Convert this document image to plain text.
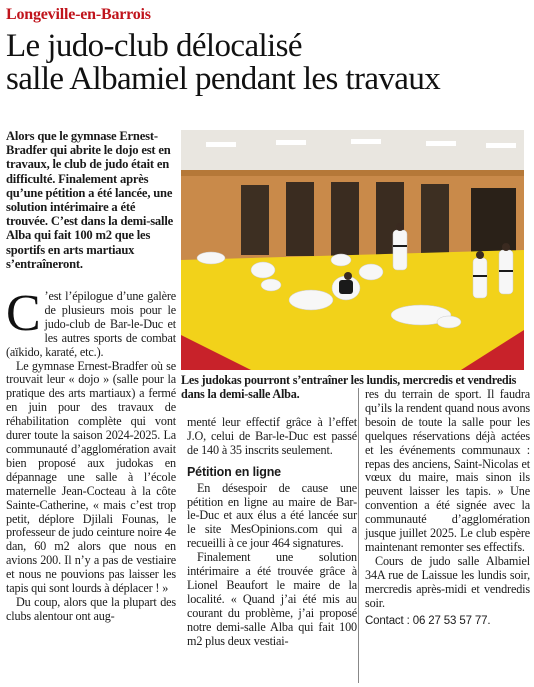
Longeville-en-Barrois
Le judo-club délocalisé
salle Albamiel pendant les travaux
Alors que le gymnase Ernest-Bradfer qui abrite le dojo est en travaux, le club de judo était en difficulté. Finalement après qu’une pétition a été lancée, une solution intérimaire a été trouvée. C’est dans la demi-salle Alba qui fait 100 m2 que les sportifs en arts martiaux s’entraîneront.
Les judokas pourront s’entraîner les lundis, mercredis et vendredis dans la demi-salle Alba.

C ’est l’épilogue d’une galère de plusieurs mois pour le judo-club de Bar-le-Duc et les autres sports de combat (aïkido, karaté, etc.).

Le gymnase Ernest-Bradfer où se trouvait leur « dojo » (salle pour la pratique des arts martiaux) a fermé en juin pour des travaux de réhabilitation complète qui vont durer toute la saison 2024-2025. La communauté d’agglomération avait bien proposé aux judokas en dépannage une salle à l’école maternelle Jean-Cocteau à la côte Sainte-Catherine, « mais c’est trop petit, déplore Djilali Founas, le professeur de judo ceinture noire 4e dan, 60 m2 alors que nous en avions 200. Il n’y a pas de vestiaire et nous ne pouvions pas laisser les tapis qui sont lourds à déplacer ! »

Du coup, alors que la plupart des clubs alentour ont aug-

menté leur effectif grâce à l’effet J.O, celui de Bar-le-Duc est passé de 140 à 35 inscrits seulement.

Pétition en ligne

En désespoir de cause une pétition en ligne au maire de Bar-le-Duc et aux élus a été lancée sur le site MesOpinions.com qui a recueilli à ce jour 464 signatures.

Finalement une solution intérimaire a été trouvée grâce à Lionel Beaufort le maire de la localité. « Quand j’ai été mis au courant du problème, j’ai proposé notre demi-salle Alba qui fait 100 m2 plus deux vestiai-

res du terrain de sport. Il faudra qu’ils la rendent quand nous avons besoin de toute la salle pour les quelques réservations déjà actées et les événements communaux : repas des anciens, Saint-Nicolas et vœux du maire, mais sinon ils peuvent laisser les tapis. » Une convention a été signée avec la communauté d’agglomération jusque juillet 2025. Le club espère maintenant remonter ses effectifs.

Cours de judo salle Albamiel 34A rue de Laissue les lundis soir, mercredis après-midi et vendredis soir.

Contact : 06 27 53 57 77.
